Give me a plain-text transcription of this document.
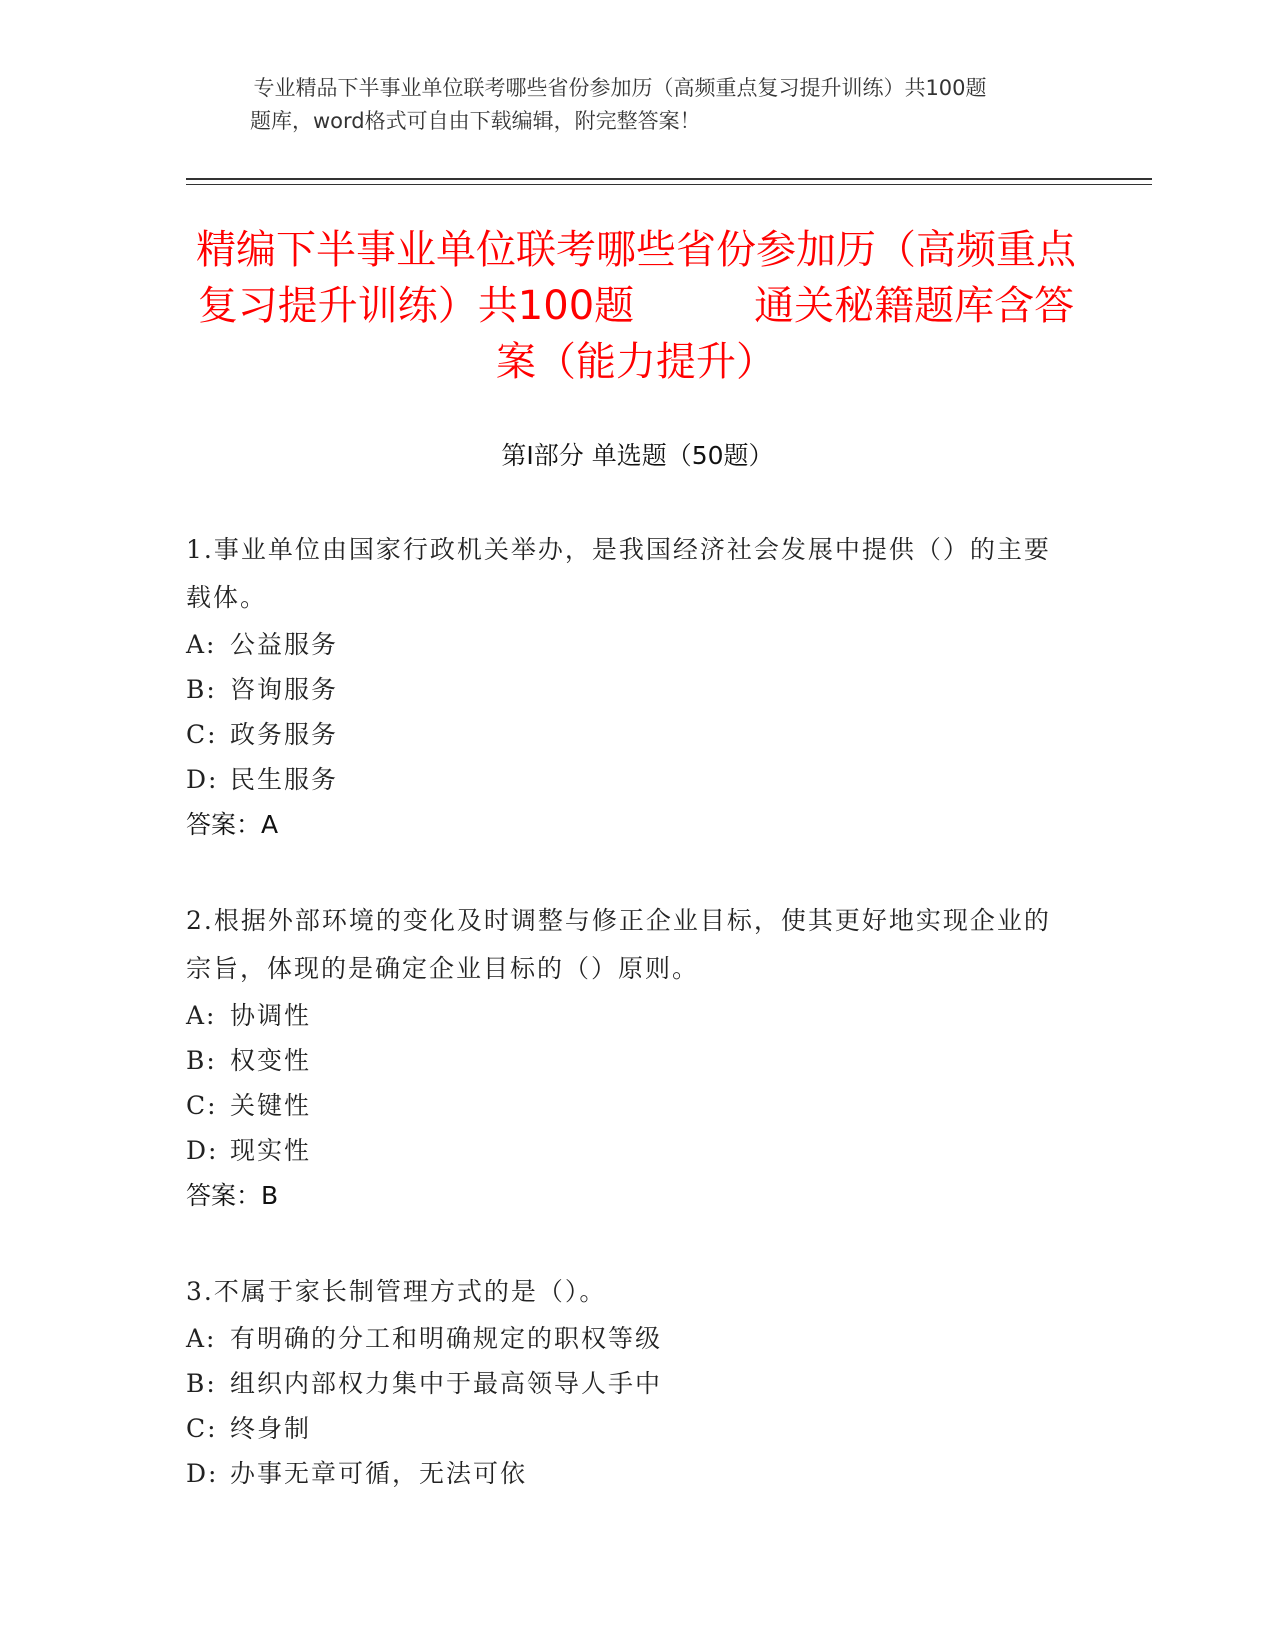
专业精品下半事业单位联考哪些省份参加历（高频重点复习提升训练）共100题
题库，word格式可自由下载编辑，附完整答案！
精编下半事业单位联考哪些省份参加历（高频重点复习提升训练）共100题　　　通关秘籍题库含答案（能力提升）
第Ⅰ部分 单选题（50题）
1.事业单位由国家行政机关举办，是我国经济社会发展中提供（）的主要载体。
A: 公益服务
B: 咨询服务
C: 政务服务
D: 民生服务
答案：A
2.根据外部环境的变化及时调整与修正企业目标，使其更好地实现企业的宗旨，体现的是确定企业目标的（）原则。
A: 协调性
B: 权变性
C: 关键性
D: 现实性
答案：B
3.不属于家长制管理方式的是（）。
A: 有明确的分工和明确规定的职权等级
B: 组织内部权力集中于最高领导人手中
C: 终身制
D: 办事无章可循，无法可依
